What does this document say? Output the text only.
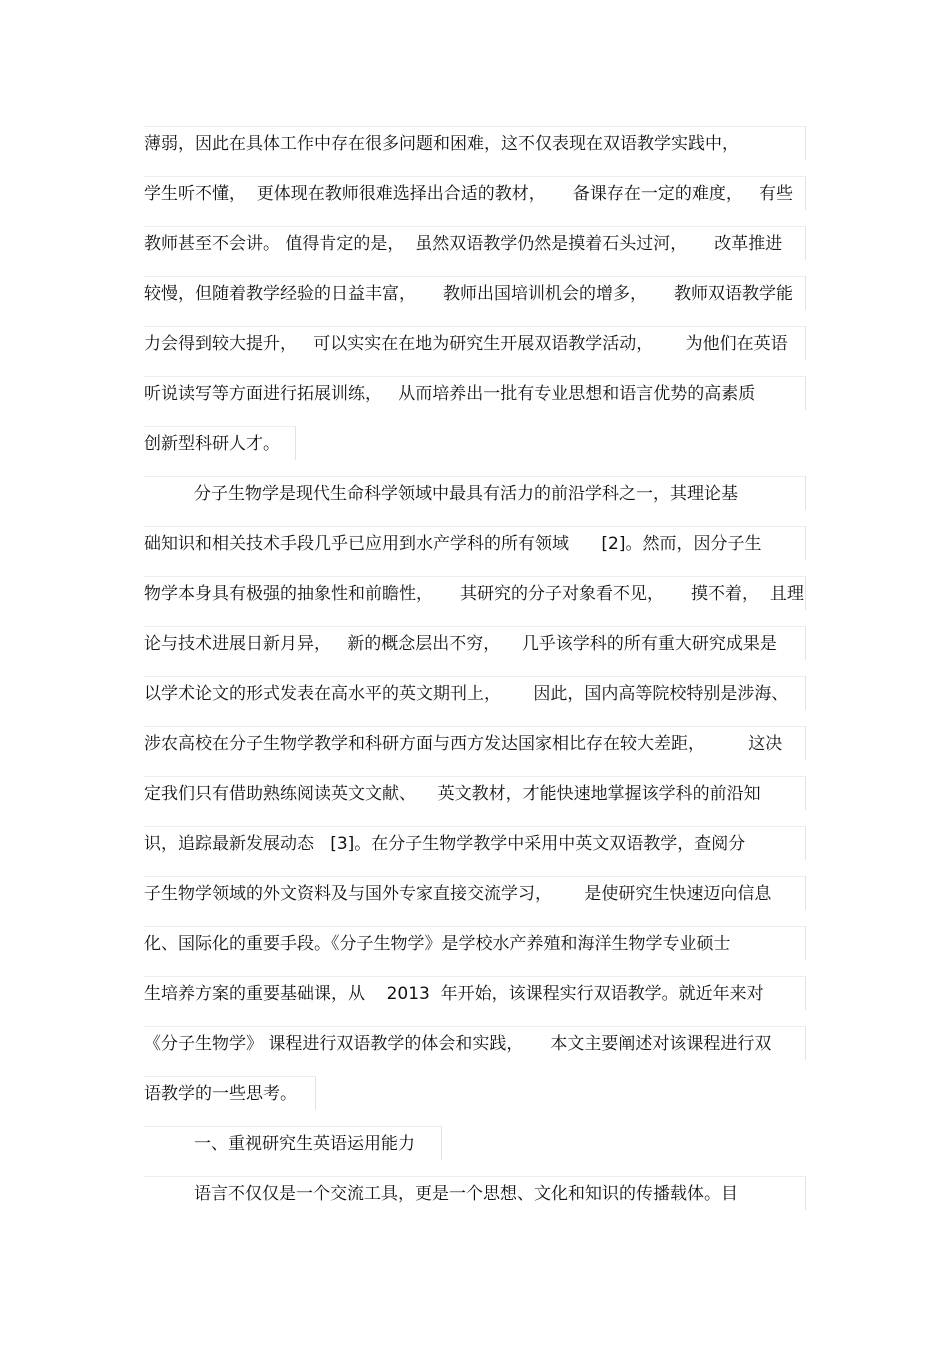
薄弱，因此在具体工作中存在很多问题和困难，这不仅表现在双语教学实践中，
学生听不懂，  更体现在教师很难选择出合适的教材，     备课存在一定的难度，   有些
教师甚至不会讲。 值得肯定的是，  虽然双语教学仍然是摸着石头过河，     改革推进
较慢，但随着教学经验的日益丰富，     教师出国培训机会的增多，     教师双语教学能
力会得到较大提升，   可以实实在在地为研究生开展双语教学活动，      为他们在英语
听说读写等方面进行拓展训练，   从而培养出一批有专业思想和语言优势的高素质
创新型科研人才。
分子生物学是现代生命科学领域中最具有活力的前沿学科之一，其理论基
础知识和相关技术手段几乎已应用到水产学科的所有领域      [2]。然而，因分子生
物学本身具有极强的抽象性和前瞻性，     其研究的分子对象看不见，     摸不着，  且理
论与技术进展日新月异，   新的概念层出不穷，    几乎该学科的所有重大研究成果是
以学术论文的形式发表在高水平的英文期刊上，      因此，国内高等院校特别是涉海、
涉农高校在分子生物学教学和科研方面与西方发达国家相比存在较大差距，        这决
定我们只有借助熟练阅读英文文献、    英文教材，才能快速地掌握该学科的前沿知
识，追踪最新发展动态   [3]。在分子生物学教学中采用中英文双语教学，查阅分
子生物学领域的外文资料及与国外专家直接交流学习，      是使研究生快速迈向信息
化、国际化的重要手段。《分子生物学》是学校水产养殖和海洋生物学专业硕士
生培养方案的重要基础课，从    2013  年开始，该课程实行双语教学。就近年来对
《分子生物学》 课程进行双语教学的体会和实践，     本文主要阐述对该课程进行双
语教学的一些思考。
一、重视研究生英语运用能力
语言不仅仅是一个交流工具，更是一个思想、文化和知识的传播载体。目
